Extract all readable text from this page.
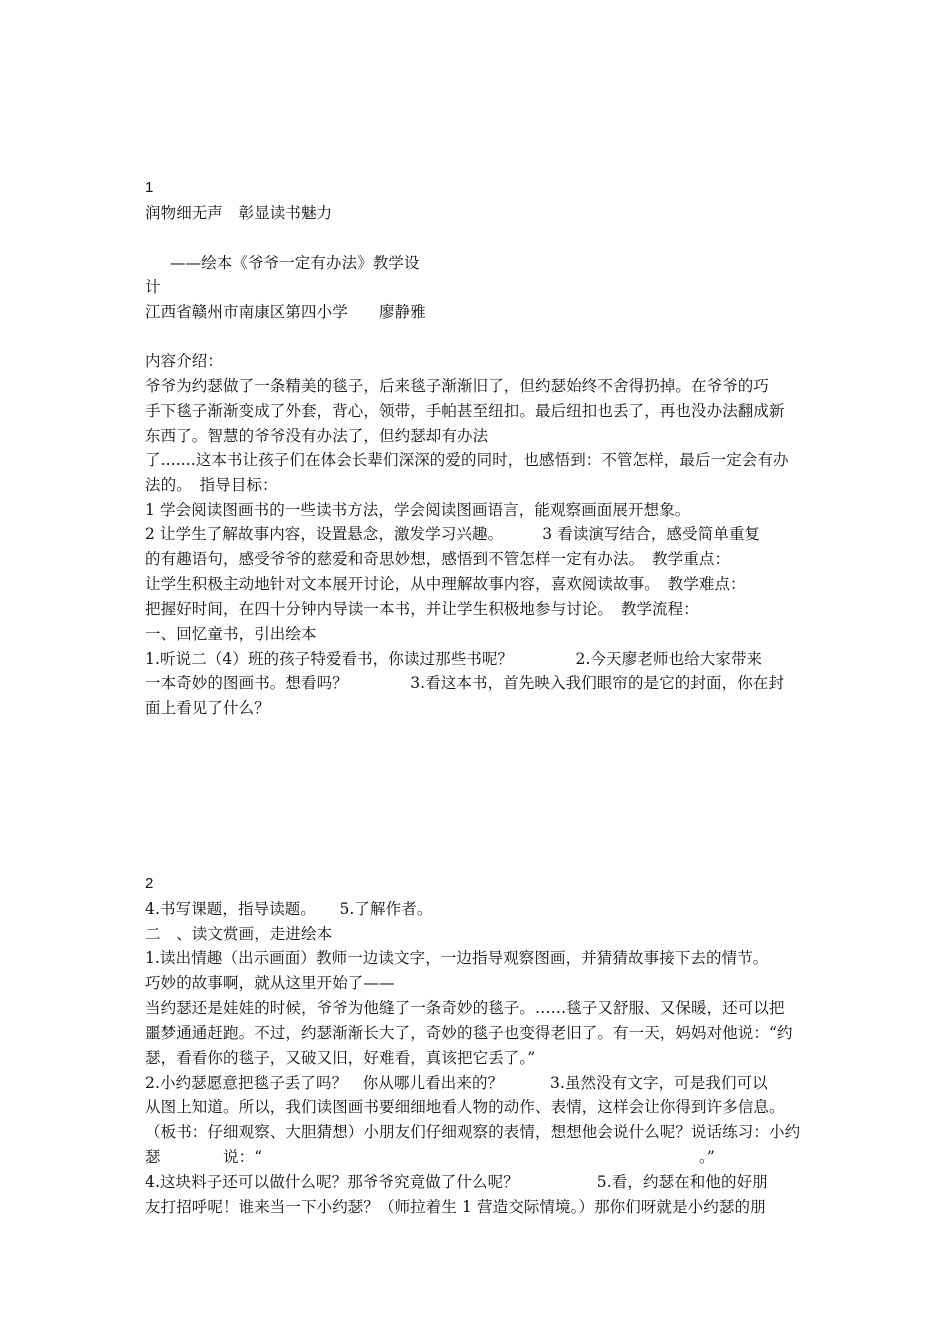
1
润物细无声　彰显读书魅力
——绘本《爷爷一定有办法》教学设
计
江西省赣州市南康区第四小学　　廖静雅
内容介绍：
爷爷为约瑟做了一条精美的毯子，后来毯子渐渐旧了，但约瑟始终不舍得扔掉。在爷爷的巧
手下毯子渐渐变成了外套，背心，领带，手帕甚至纽扣。最后纽扣也丢了，再也没办法翻成新
东西了。智慧的爷爷没有办法了，但约瑟却有办法
了.......这本书让孩子们在体会长辈们深深的爱的同时，也感悟到：不管怎样，最后一定会有办
法的。　指导目标：
1 学会阅读图画书的一些读书方法，学会阅读图画语言，能观察画面展开想象。
2 让学生了解故事内容，设置悬念，激发学习兴趣。　　　3 看读演写结合，感受简单重复
的有趣语句，感受爷爷的慈爱和奇思妙想，感悟到不管怎样一定有办法。　教学重点：
让学生积极主动地针对文本展开讨论，从中理解故事内容，喜欢阅读故事。　教学难点：
把握好时间，在四十分钟内导读一本书，并让学生积极地参与讨论。　教学流程：
一、回忆童书，引出绘本
1.听说二（4）班的孩子特爱看书，你读过那些书呢？　　　　2.今天廖老师也给大家带来
一本奇妙的图画书。想看吗？　　　　3.看这本书，首先映入我们眼帘的是它的封面，你在封
面上看见了什么？
2
4.书写课题，指导读题。　　5.了解作者。
二　、读文赏画，走进绘本
1.读出情趣（出示画面）教师一边读文字，一边指导观察图画，并猜猜故事接下去的情节。
巧妙的故事啊，就从这里开始了——
当约瑟还是娃娃的时候，爷爷为他缝了一条奇妙的毯子。……毯子又舒服、又保暖，还可以把
噩梦通通赶跑。不过，约瑟渐渐长大了，奇妙的毯子也变得老旧了。有一天，妈妈对他说：“约
瑟，看看你的毯子，又破又旧，好难看，真该把它丢了。”
2.小约瑟愿意把毯子丢了吗？　你从哪儿看出来的？　　　3.虽然没有文字，可是我们可以
从图上知道。所以，我们读图画书要细细地看人物的动作、表情，这样会让你得到许多信息。
（板书：仔细观察、大胆猜想）小朋友们仔细观察的表情，想想他会说什么呢？说话练习：小约
瑟　　　　说：“　　　　　　　　　　　　　　　　　　　　　　　　　　　　。”
4.这块料子还可以做什么呢？那爷爷究竟做了什么呢？　　　　　5.看，约瑟在和他的好朋
友打招呼呢！谁来当一下小约瑟？（师拉着生 1 营造交际情境。）那你们呀就是小约瑟的朋
